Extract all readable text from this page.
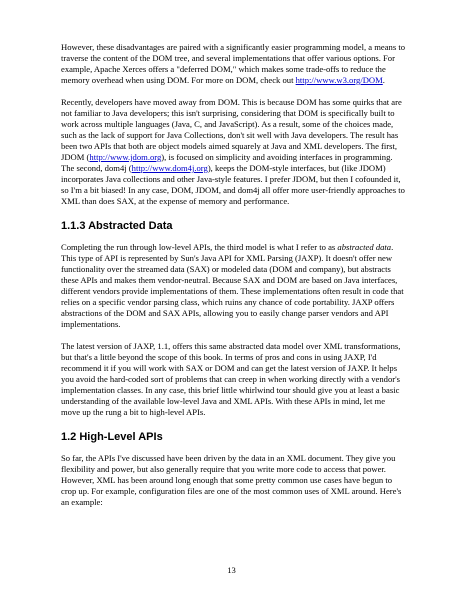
However, these disadvantages are paired with a significantly easier programming model, a means to traverse the content of the DOM tree, and several implementations that offer various options. For example, Apache Xerces offers a "deferred DOM," which makes some trade-offs to reduce the memory overhead when using DOM. For more on DOM, check out http://www.w3.org/DOM.

Recently, developers have moved away from DOM. This is because DOM has some quirks that are not familiar to Java developers; this isn't surprising, considering that DOM is specifically built to work across multiple languages (Java, C, and JavaScript). As a result, some of the choices made, such as the lack of support for Java Collections, don't sit well with Java developers. The result has been two APIs that both are object models aimed squarely at Java and XML developers. The first, JDOM (http://www.jdom.org), is focused on simplicity and avoiding interfaces in programming. The second, dom4j (http://www.dom4j.org), keeps the DOM-style interfaces, but (like JDOM) incorporates Java collections and other Java-style features. I prefer JDOM, but then I cofounded it, so I'm a bit biased! In any case, DOM, JDOM, and dom4j all offer more user-friendly approaches to XML than does SAX, at the expense of memory and performance.

1.1.3 Abstracted Data

Completing the run through low-level APIs, the third model is what I refer to as abstracted data. This type of API is represented by Sun's Java API for XML Parsing (JAXP). It doesn't offer new functionality over the streamed data (SAX) or modeled data (DOM and company), but abstracts these APIs and makes them vendor-neutral. Because SAX and DOM are based on Java interfaces, different vendors provide implementations of them. These implementations often result in code that relies on a specific vendor parsing class, which ruins any chance of code portability. JAXP offers abstractions of the DOM and SAX APIs, allowing you to easily change parser vendors and API implementations.

The latest version of JAXP, 1.1, offers this same abstracted data model over XML transformations, but that's a little beyond the scope of this book. In terms of pros and cons in using JAXP, I'd recommend it if you will work with SAX or DOM and can get the latest version of JAXP. It helps you avoid the hard-coded sort of problems that can creep in when working directly with a vendor's implementation classes. In any case, this brief little whirlwind tour should give you at least a basic understanding of the available low-level Java and XML APIs. With these APIs in mind, let me move up the rung a bit to high-level APIs.

1.2 High-Level APIs

So far, the APIs I've discussed have been driven by the data in an XML document. They give you flexibility and power, but also generally require that you write more code to access that power. However, XML has been around long enough that some pretty common use cases have begun to crop up. For example, configuration files are one of the most common uses of XML around. Here's an example:

13
